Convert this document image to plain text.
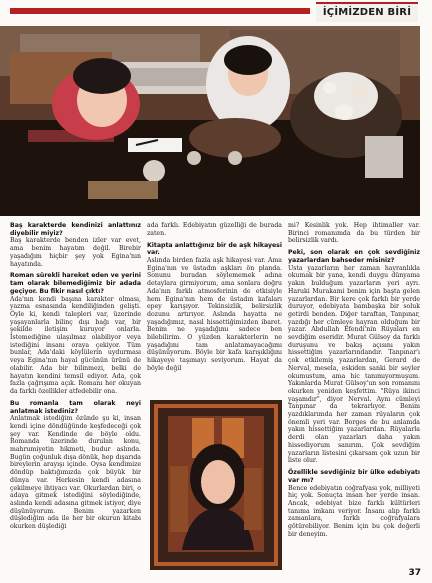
İÇİMİZDEN BİRİ

Baş karakterde kendinizi anlattınız diyebilir miyiz?
Baş karakterde benden izler var evet, ama benim hayatım değil. Birebir yaşadığım hiçbir şey yok Egina'nın hayatında.

Roman sürekli hareket eden ve yerini tam olarak bilemediğimiz bir adada geçiyor. Bu fikir nasıl çıktı?
Ada'nın kendi başına karakter olması, yazma esnasında kendiliğinden gelişti. Öyle ki, kendi talepleri var, üzerinde yaşayanlarla bilinç dışı bağı var, bir şekilde iletişim kuruyor onlarla. İstemediğine ulaşılmaz olabiliyor veya istediğini insanı oraya çekiyor. Tüm bunlar, Ada'daki köylülerin uydurması veya Egina'nın hayal gücünün ürünü de olabilir. Ada bir bilinmezi, belki de hayatın kendini temsil ediyor. Ada, çok fazla çağrışıma açık. Romanı her okuyan da farklı özellikler atfedebilir ona.

Bu romanla tam olarak neyi anlatmak istediniz?
Anlatmak istediğim özünde şu ki, insan kendi içine döndüğünde keşfedeceği çok şey var. Kendinde de böyle oldu. Romanda üzerinde durulan konu, mahrumiyetin hikmeti, budur aslında. Bugün çoğunluk dışa dönük, hep dışarıda bireylerin arayışı içinde. Oysa kendimize döndüp baktığımızda çok büyük bir dünya var. Herkesin kendi adasına çekilmeye ihtiyacı var. Okurlardan biri, o adaya gitmek istediğini söylediğinde, aslında kendi adasına gitmek istiyor, diye düşünüyorum. Benim yazarken düşlediğim ada ile her bir okurun kitabı okurken düşlediği

ada farklı. Edebiyatın güzelliği de burada zaten.

Kitapta anlattığınız bir de aşk hikayesi var.
Aslında birden fazla aşk hikayesi var. Ama Egina'nın ve üstadın aşkları ön planda. Sonunu buradan söylememek adına detaylara girmiyorum, ama sonlara doğru Ada'nın farklı atmosferinin de etkisiyle hem Egina'nın hem de üstadın kafaları epey karışıyor. Tekinsizlik, belirsizlik dozunu artırıyor. Aslında hayatta ne yaşadığımız, nasıl hissettiğimizden ibaret. Benim ne yaşadığımı sadece ben bilebilirim. O yüzden karakterlerin ne yaşadığını tam anlatamayacağımı düşünüyorum. Böyle bir kafa karışıklığını hikayeye taşımayı seviyorum. Hayat da böyle değil

mi? Kesinlik yok. Hep ihtimaller var. Birinci romanımda da bu türden bir belirsizlik vardı.

Peki, son olarak en çok sevdiğiniz yazarlardan bahseder misiniz?
Usta yazarların her zaman hayranlıkla okumak bir yana, kendi duygu dünyama yakın bulduğum yazarların yeri ayrı. Haruki Murakami benim için başta gelen yazarlardan. Bir kere çok farklı bir yerde duruyor, edebiyata bambaşka bir soluk getirdi benden. Diğer taraftan, Tanpınar, yazdığı her cümleye hayran olduğum bir yazar. Abdullah Efendi'nin Rüyaları en sevdiğim eseridir. Murat Gülsoy da farklı duruşunu ve bakış açısını yakın hissettiğim yazarlarındandır. Tanpınar'ı çok etkilemiş yazarlardan, Gerard de Nerval, mesela, eskiden sanki bir seyler okumustum, ama hic tanımıyormuşum. Yakınlarda Murat Gülsoy'un son romanını okurken yeniden keşfettim. "Rüya ikinci yaşamdır", diyor Nerval. Aynı cümleyi Tanpınar da tekrarlıyor. Benim yazdıklarımda her zaman rüyaların çok önemli yeri var. Borges de bu anlamda yakın hissettiğim yazarlardan. Rüyalarla derdi olan yazarları daha yakın hissediyorum sanırım. Çok sevdiğim yazarların listesini çıkarsam çok uzun bir liste olur.

Özellikle sevdiğiniz bir ülke edebiyatı var mı?
Bence edebiyatın coğrafyası yok, milliyeti hiç yok. Sonuçta insan her yerde insan. Ancak, edebiyat bize farklı kültürleri tanıma imkanı veriyor. İnsanı alıp farklı zamanlara, farklı coğrafyalara götürebiliyor. Benim için bu çok değerli bir deneyim.

37
